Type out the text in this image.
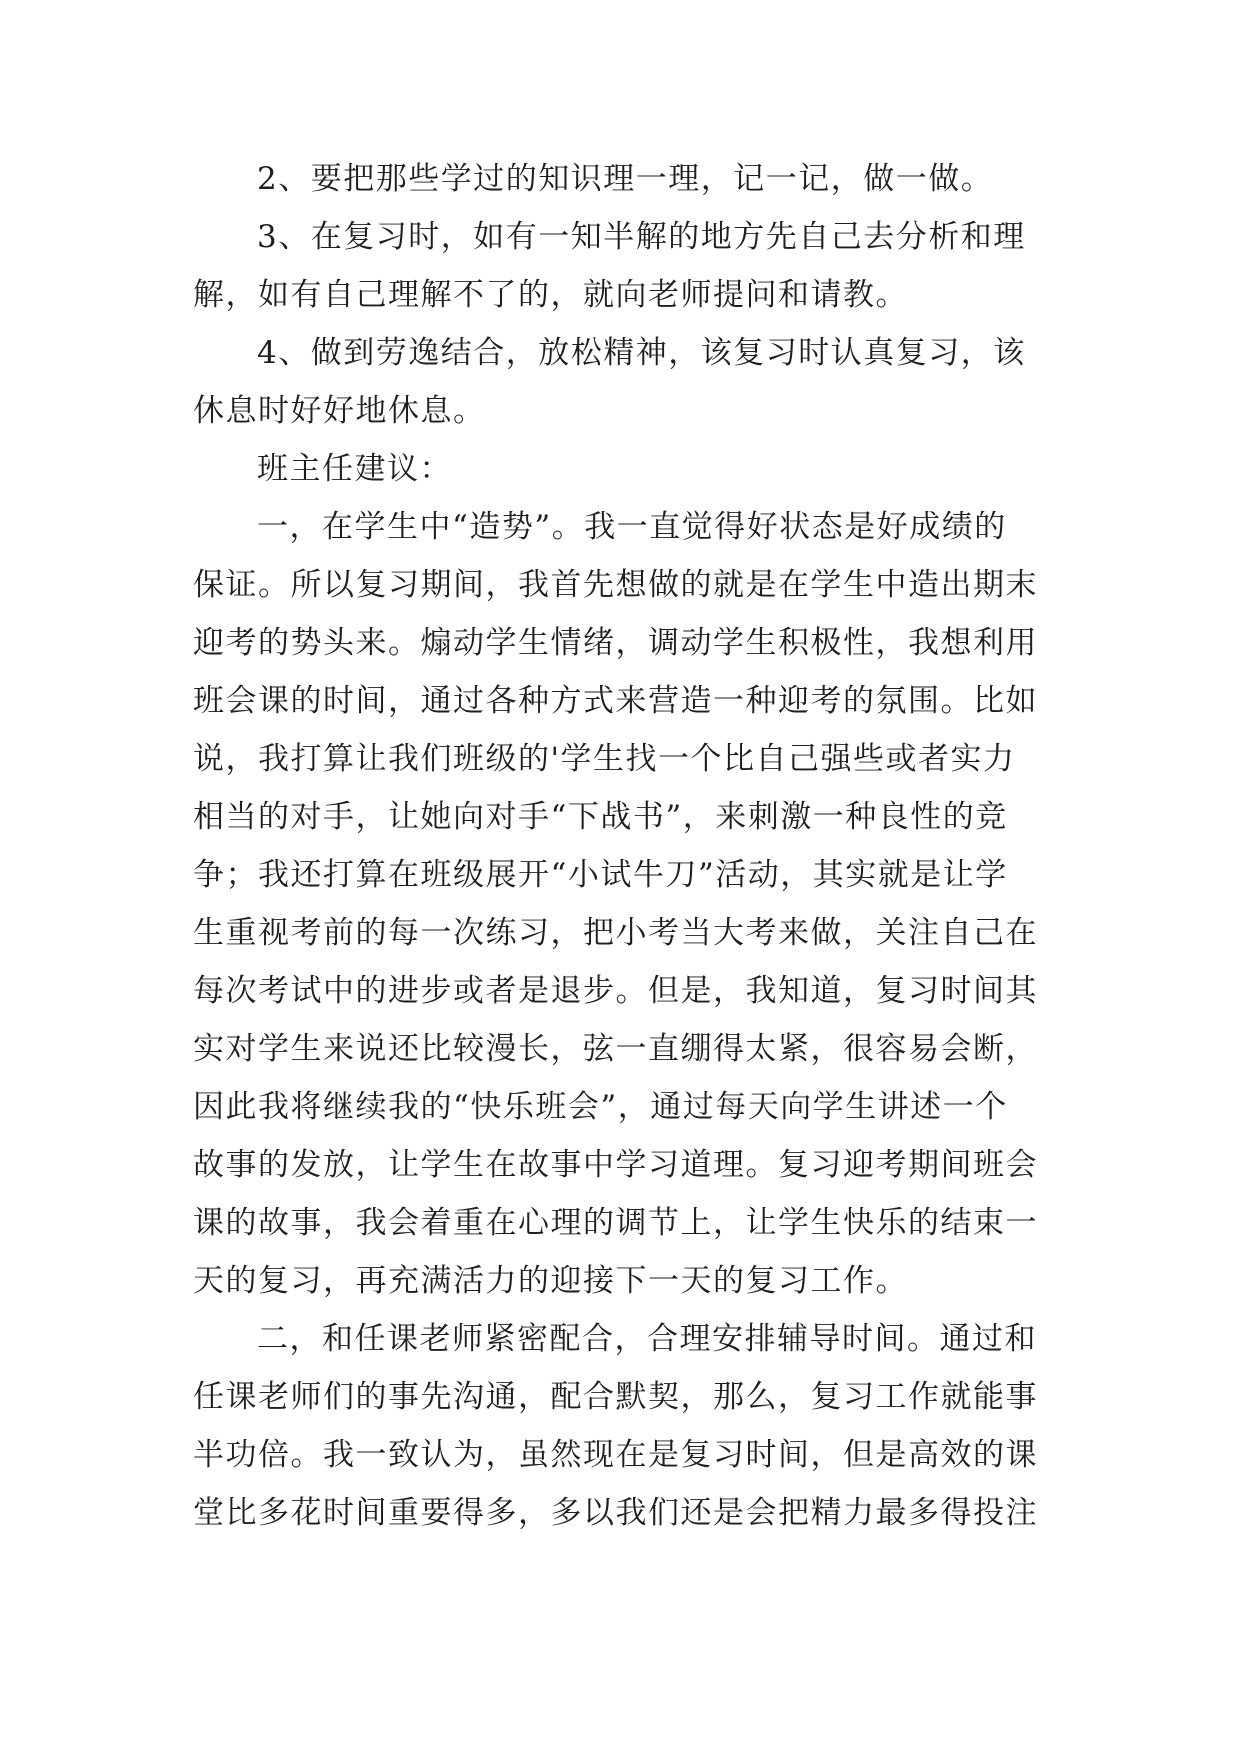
2、要把那些学过的知识理一理，记一记，做一做。
3、在复习时，如有一知半解的地方先自己去分析和理
解，如有自己理解不了的，就向老师提问和请教。
4、做到劳逸结合，放松精神，该复习时认真复习，该
休息时好好地休息。
班主任建议：
一，在学生中“造势”。我一直觉得好状态是好成绩的
保证。所以复习期间，我首先想做的就是在学生中造出期末
迎考的势头来。煽动学生情绪，调动学生积极性，我想利用
班会课的时间，通过各种方式来营造一种迎考的氛围。比如
说，我打算让我们班级的'学生找一个比自己强些或者实力
相当的对手，让她向对手“下战书”，来刺激一种良性的竞
争；我还打算在班级展开“小试牛刀”活动，其实就是让学
生重视考前的每一次练习，把小考当大考来做，关注自己在
每次考试中的进步或者是退步。但是，我知道，复习时间其
实对学生来说还比较漫长，弦一直绷得太紧，很容易会断，
因此我将继续我的“快乐班会”，通过每天向学生讲述一个
故事的发放，让学生在故事中学习道理。复习迎考期间班会
课的故事，我会着重在心理的调节上，让学生快乐的结束一
天的复习，再充满活力的迎接下一天的复习工作。
二，和任课老师紧密配合，合理安排辅导时间。通过和
任课老师们的事先沟通，配合默契，那么，复习工作就能事
半功倍。我一致认为，虽然现在是复习时间，但是高效的课
堂比多花时间重要得多，多以我们还是会把精力最多得投注
